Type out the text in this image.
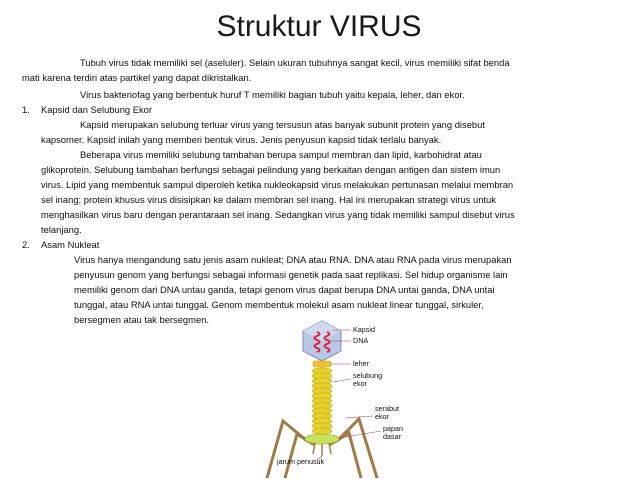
Struktur VIRUS
Tubuh virus tidak memiliki sel (aseluler). Selain ukuran tubuhnya sangat kecil, virus memiliki sifat benda
mati karena terdiri atas partikel yang dapat dikristalkan.
Virus bakteriofag yang berbentuk huruf T memiliki bagian tubuh yaitu kepala, leher, dan ekor.
1. Kapsid dan Selubung Ekor
Kapsid merupakan selubung terluar virus yang tersusun atas banyak subunit protein yang disebut
kapsomer. Kapsid inilah yang memberi bentuk virus. Jenis penyusun kapsid tidak terlalu banyak.
Beberapa virus memiliki selubung tambahan berupa sampul membran dan lipid, karbohidrat atau
glikoprotein. Selubung tambahan berfungsi sebagai pelindung yang berkaitan dengan antigen dan sistem imun
virus. Lipid yang membentuk sampul diperoleh ketika nukleokapsid virus melakukan pertunasan melalui membran
sel inang; protein khusus virus disisipkan ke dalam membran sel inang. Hal ini merupakan strategi virus untuk
menghasilkan virus baru dengan perantaraan sel inang. Sedangkan virus yang tidak memiliki sampul disebut virus
telanjang.
2. Asam Nukleat
Virus hanya mengandung satu jenis asam nukleat; DNA atau RNA. DNA atau RNA pada virus merupakan
penyusun genom yang berfungsi sebagai informasi genetik pada saat replikasi. Sel hidup organisme lain
memiliki genom dari DNA untau ganda, tetapi genom virus dapat berupa DNA untai ganda, DNA untai
tunggal, atau RNA untai tunggal. Genom membentuk molekul asam nukleat linear tunggal, sirkuler,
bersegmen atau tak bersegmen.
Kapsid
DNA
leher
selubung
ekor
serabut
ekor
papan
dasar
jarum penusuk
